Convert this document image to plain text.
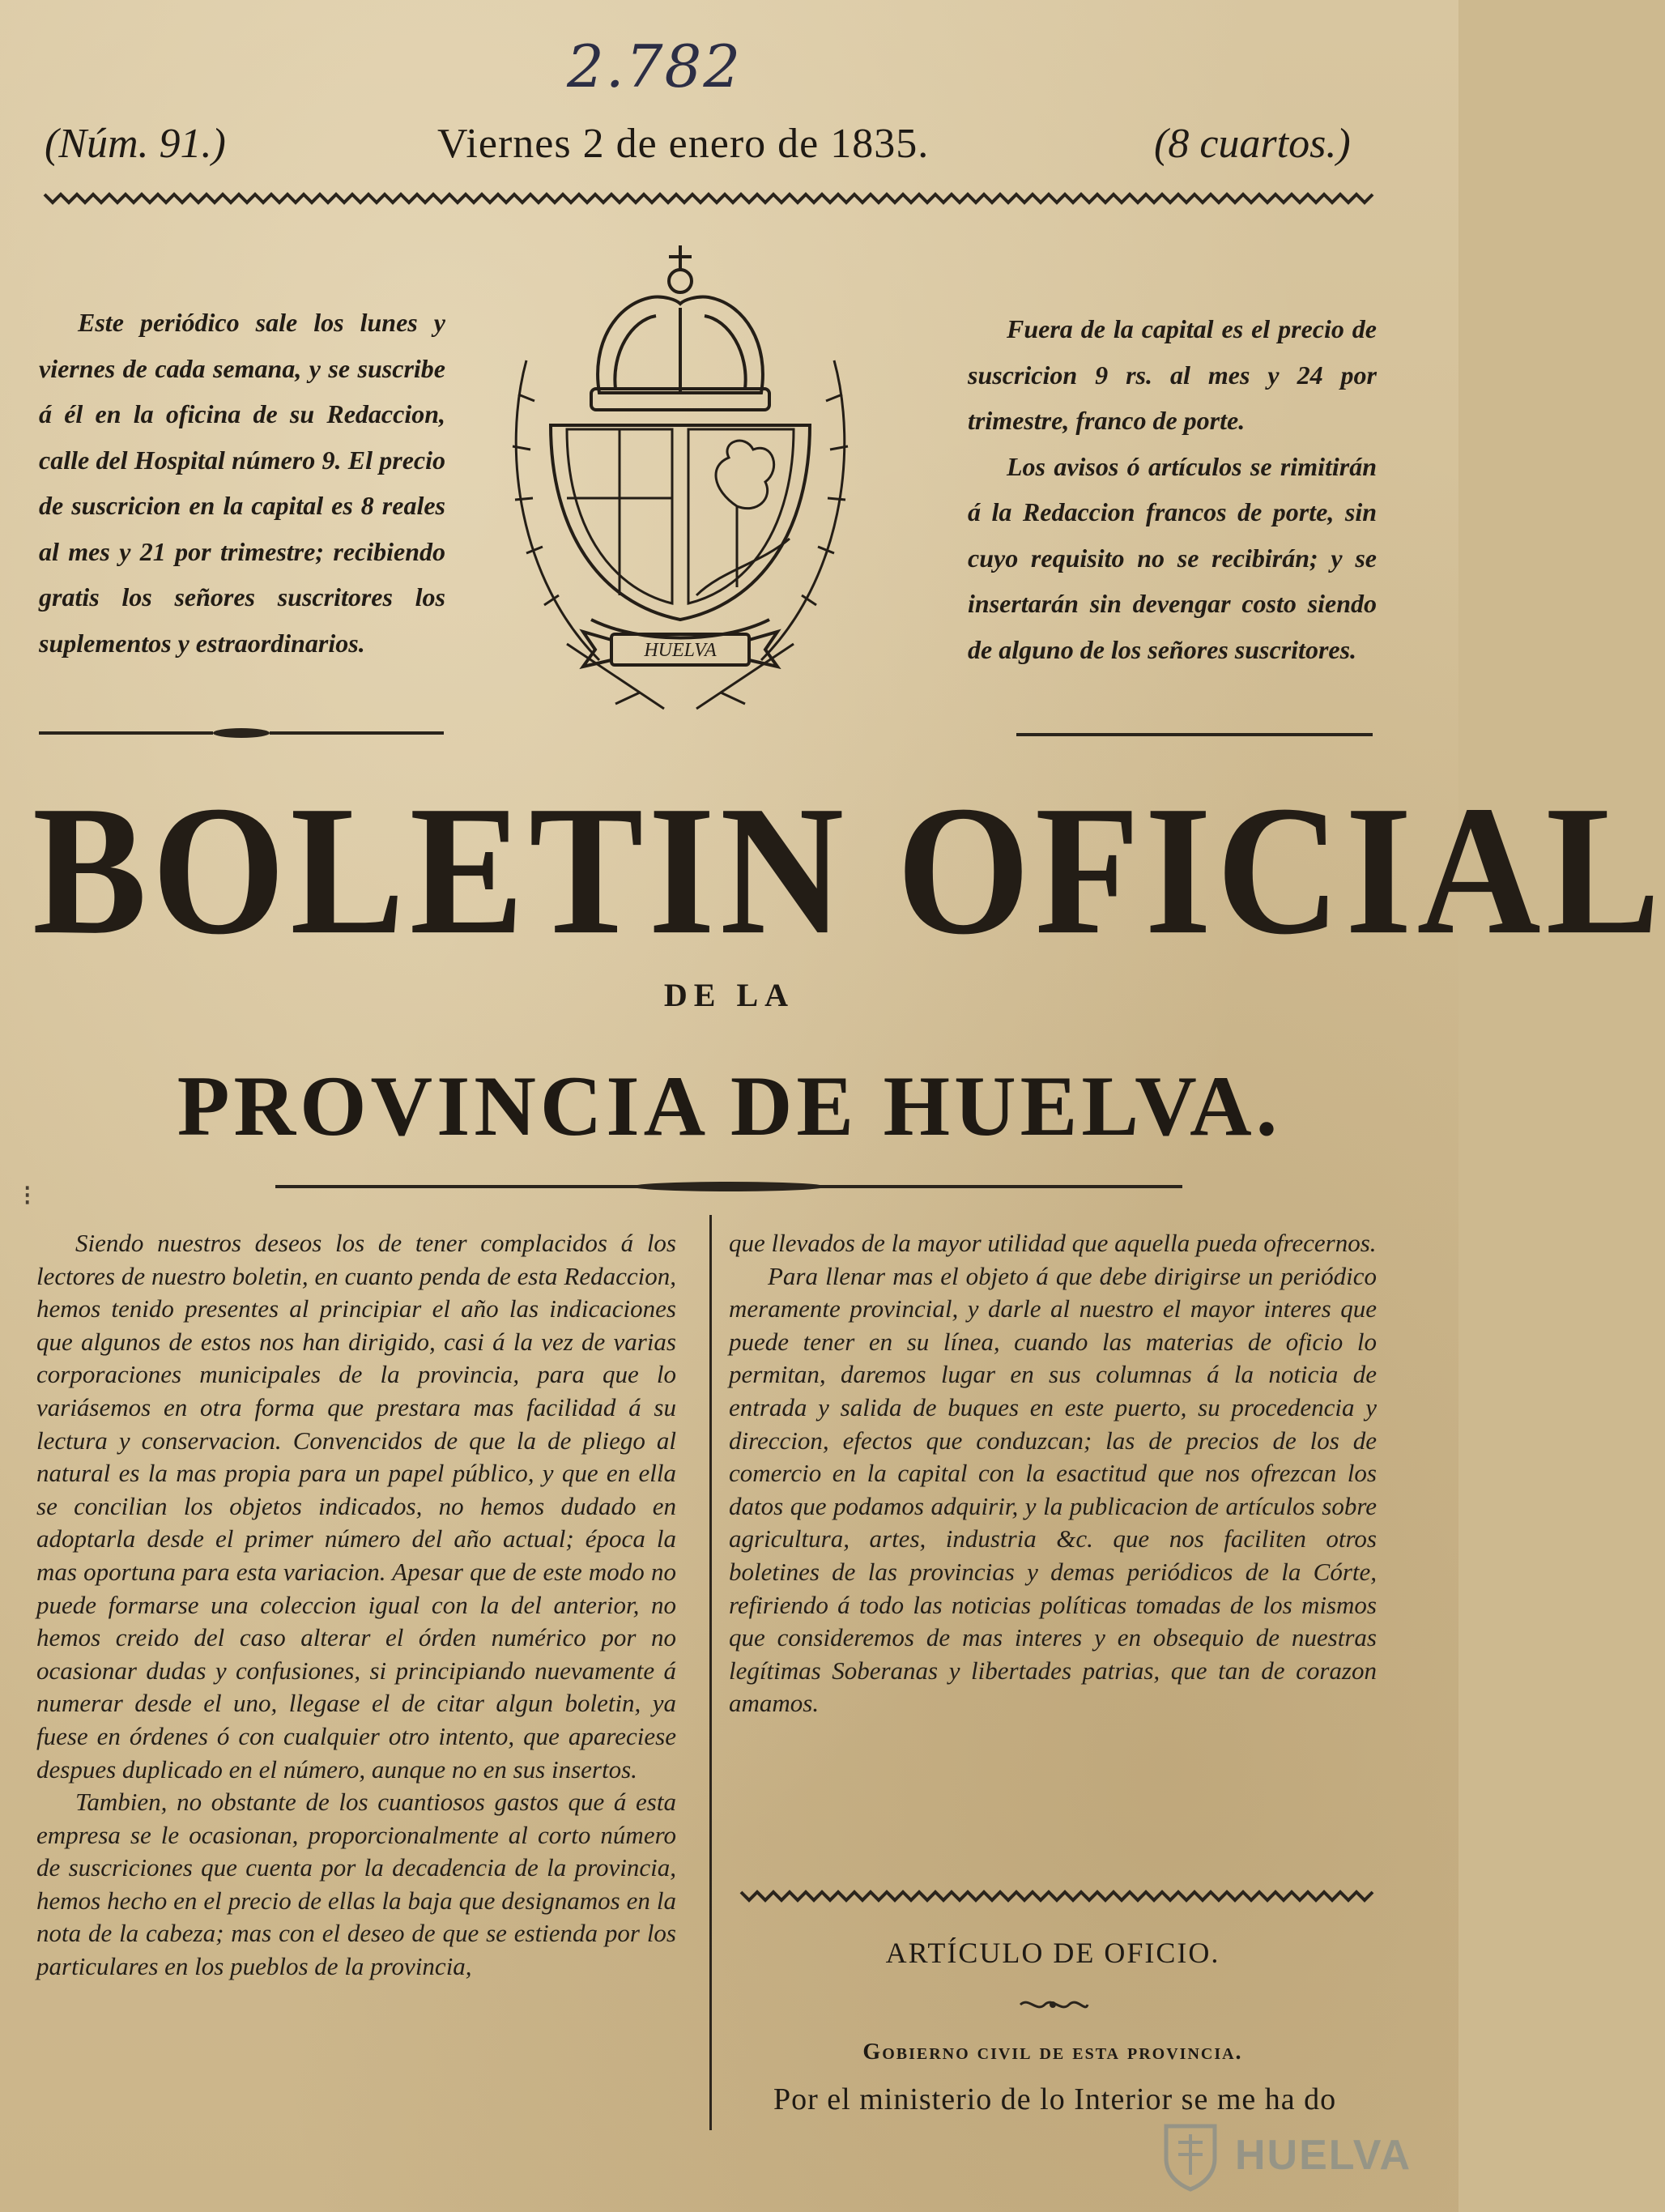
2.782
(Núm. 91.)	Viernes 2 de enero de 1835.	(8 cuartos.)
Este periódico sale los lunes y viernes de cada semana, y se suscribe á él en la oficina de su Redaccion, calle del Hospital número 9. El precio de suscricion en la capital es 8 reales al mes y 21 por trimestre; recibiendo gratis los señores suscritores los suplementos y estraordinarios.

Fuera de la capital es el precio de suscricion 9 rs. al mes y 24 por trimestre, franco de porte.

Los avisos ó artículos se rimitirán á la Redaccion francos de porte, sin cuyo requisito no se recibirán; y se insertarán sin devengar costo siendo de alguno de los señores suscritores.

HUELVA
BOLETIN OFICIAL
DE LA
PROVINCIA DE HUELVA.
⁝

Siendo nuestros deseos los de tener complacidos á los lectores de nuestro boletin, en cuanto penda de esta Redaccion, hemos tenido presentes al principiar el año las indicaciones que algunos de estos nos han dirigido, casi á la vez de varias corporaciones municipales de la provincia, para que lo variásemos en otra forma que prestara mas facilidad á su lectura y conservacion. Convencidos de que la de pliego al natural es la mas propia para un papel público, y que en ella se concilian los objetos indicados, no hemos dudado en adoptarla desde el primer número del año actual; época la mas oportuna para esta variacion. Apesar que de este modo no puede formarse una coleccion igual con la del anterior, no hemos creido del caso alterar el órden numérico por no ocasionar dudas y confusiones, si principiando nuevamente á numerar desde el uno, llegase el de citar algun boletin, ya fuese en órdenes ó con cualquier otro intento, que apareciese despues duplicado en el número, aunque no en sus insertos.

Tambien, no obstante de los cuantiosos gastos que á esta empresa se le ocasionan, proporcionalmente al corto número de suscriciones que cuenta por la decadencia de la provincia, hemos hecho en el precio de ellas la baja que designamos en la nota de la cabeza; mas con el deseo de que se estienda por los particulares en los pueblos de la provincia,

que llevados de la mayor utilidad que aquella pueda ofrecernos.

Para llenar mas el objeto á que debe dirigirse un periódico meramente provincial, y darle al nuestro el mayor interes que puede tener en su línea, cuando las materias de oficio lo permitan, daremos lugar en sus columnas á la noticia de entrada y salida de buques en este puerto, su procedencia y direccion, efectos que conduzcan; las de precios de los de comercio en la capital con la esactitud que nos ofrezcan los datos que podamos adquirir, y la publicacion de artículos sobre agricultura, artes, industria &c. que nos faciliten otros boletines de las provincias y demas periódicos de la Córte, refiriendo á todo las noticias políticas tomadas de los mismos que consideremos de mas interes y en obsequio de nuestras legítimas Soberanas y libertades patrias, que tan de corazon amamos.

ARTÍCULO DE OFICIO.
Gobierno civil de esta provincia.
Por el ministerio de lo Interior se me ha do
HUELVA
